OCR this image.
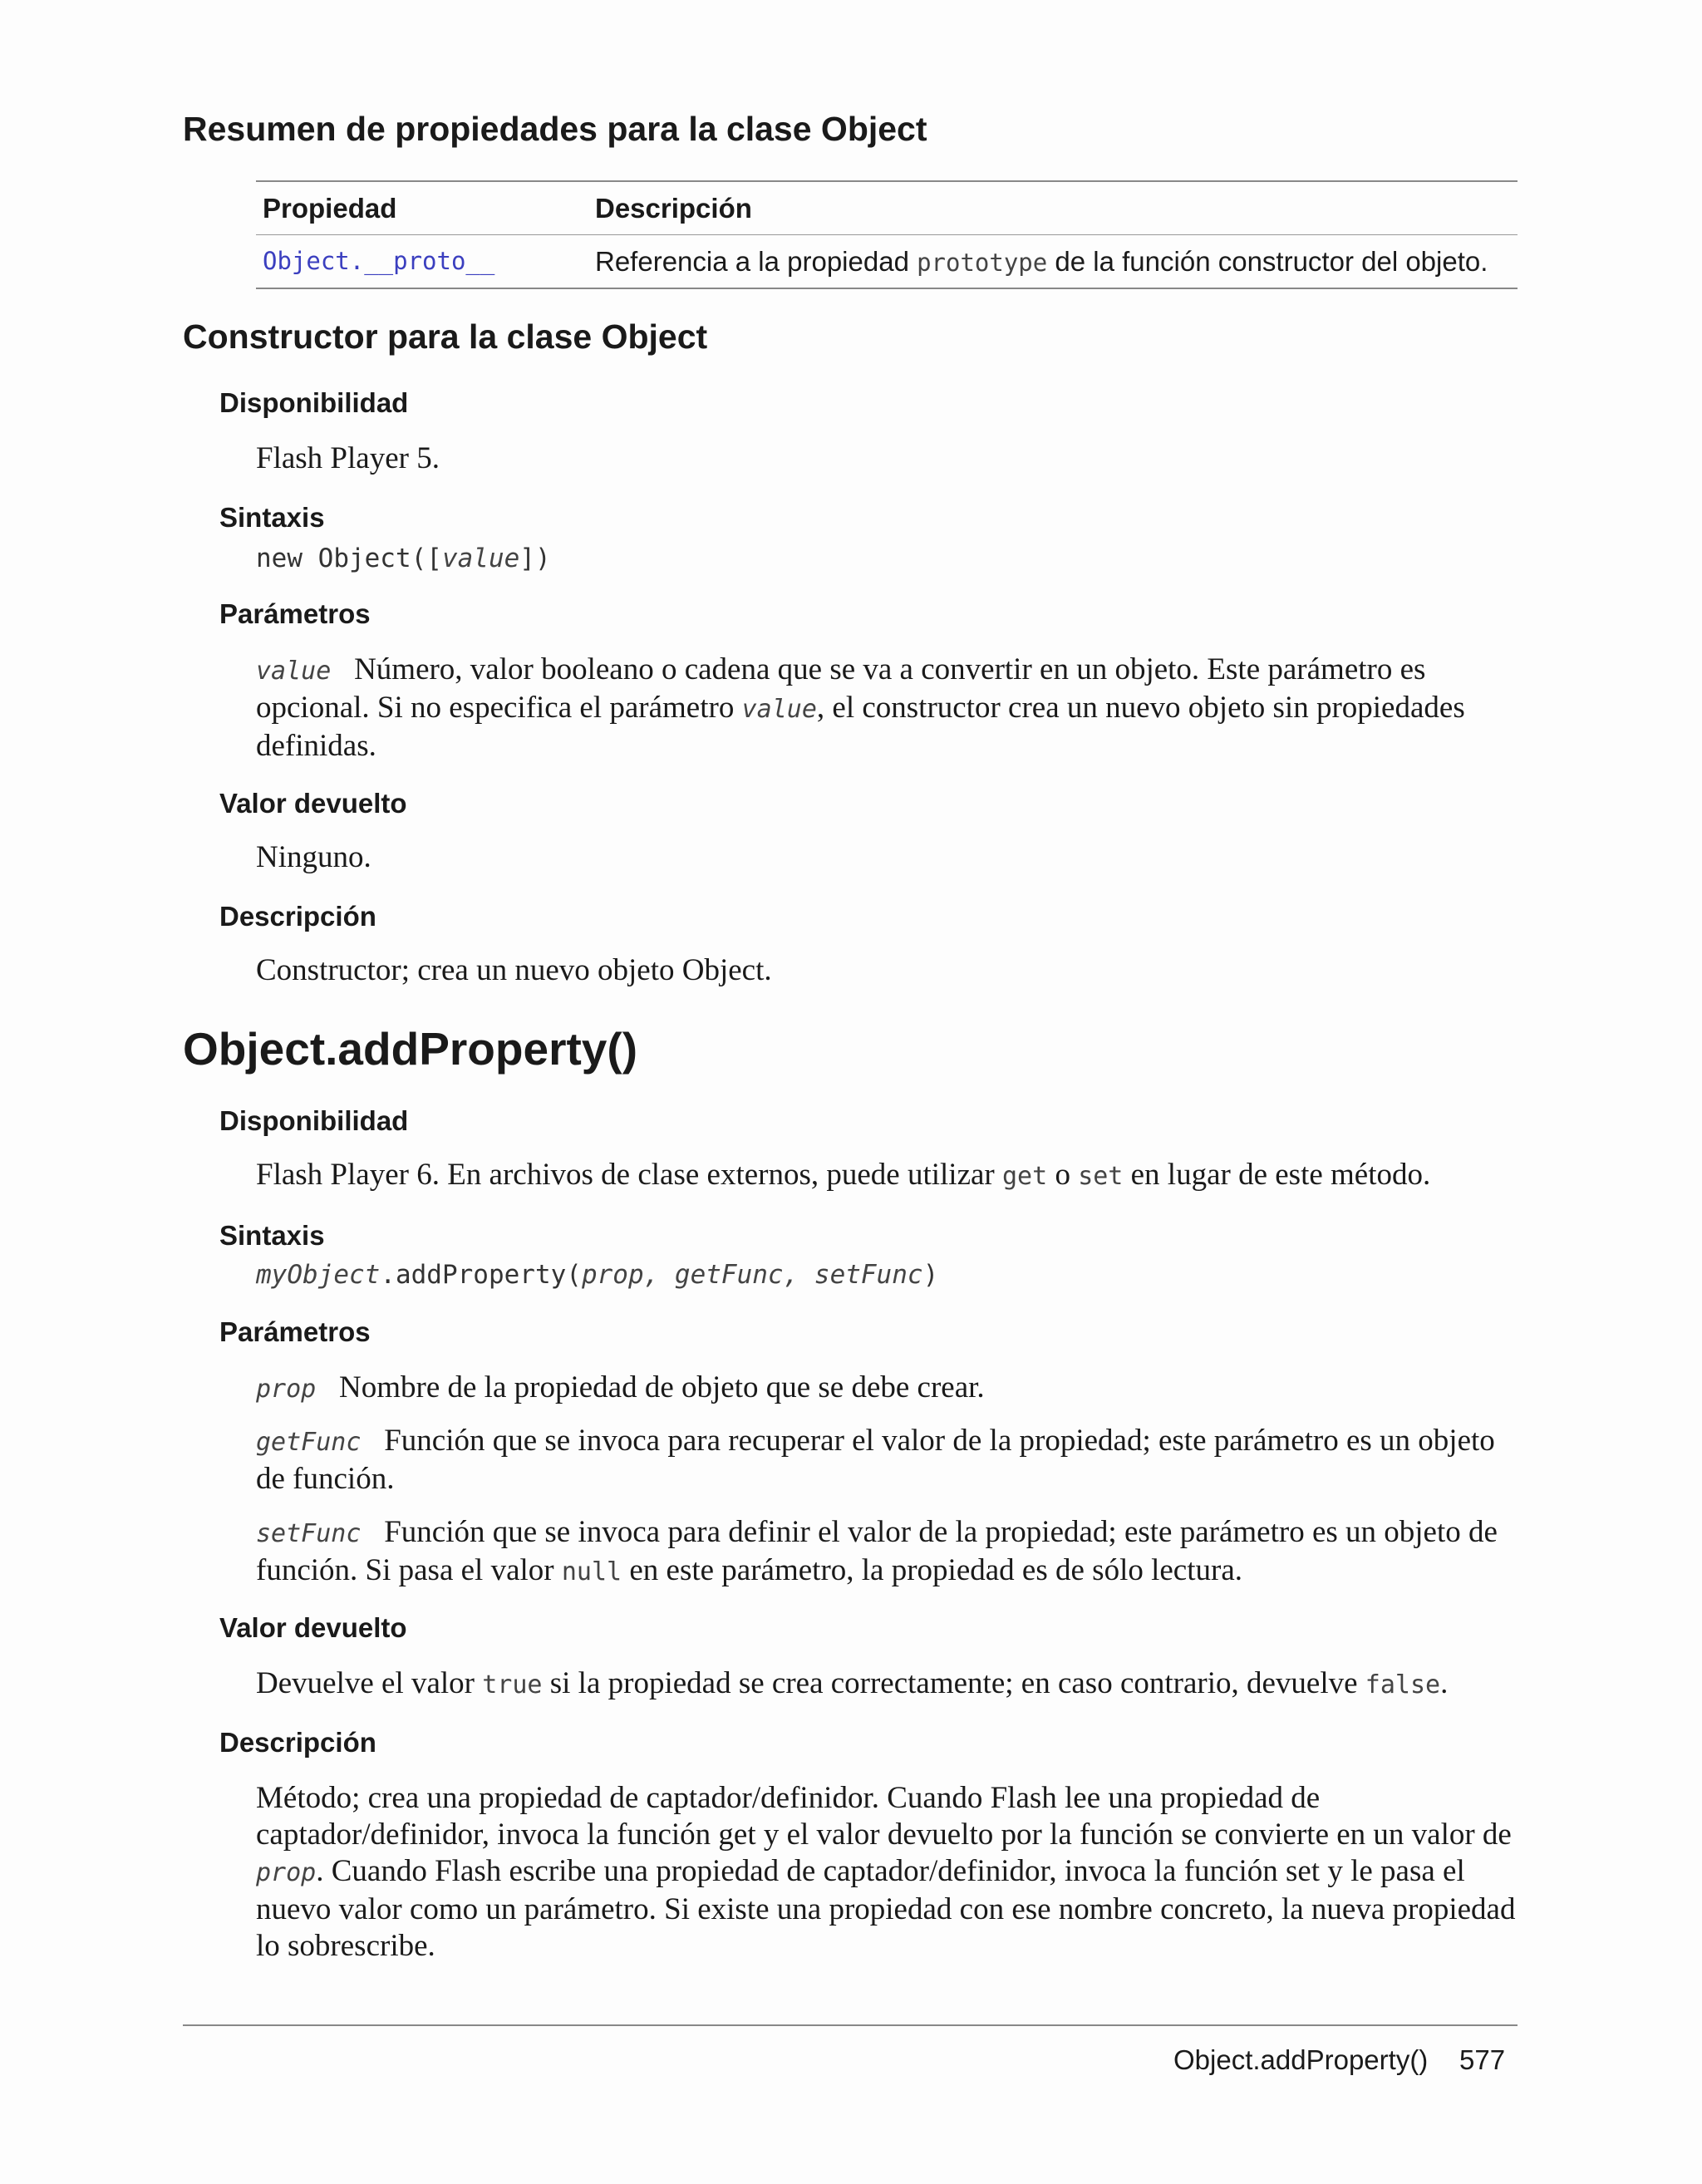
Resumen de propiedades para la clase Object
Propiedad	Descripción
Object.__proto__	Referencia a la propiedad prototype de la función constructor del objeto.
Constructor para la clase Object
Disponibilidad

Flash Player 5.

Sintaxis

new Object([value])

Parámetros

value Número, valor booleano o cadena que se va a convertir en un objeto. Este parámetro es opcional. Si no especifica el parámetro value, el constructor crea un nuevo objeto sin propiedades definidas.

Valor devuelto

Ninguno.

Descripción

Constructor; crea un nuevo objeto Object.

Object.addProperty()
Disponibilidad

Flash Player 6. En archivos de clase externos, puede utilizar get o set en lugar de este método.

Sintaxis

myObject.addProperty(prop, getFunc, setFunc)

Parámetros

prop Nombre de la propiedad de objeto que se debe crear.

getFunc Función que se invoca para recuperar el valor de la propiedad; este parámetro es un objeto de función.

setFunc Función que se invoca para definir el valor de la propiedad; este parámetro es un objeto de función. Si pasa el valor null en este parámetro, la propiedad es de sólo lectura.

Valor devuelto

Devuelve el valor true si la propiedad se crea correctamente; en caso contrario, devuelve false.

Descripción

Método; crea una propiedad de captador/definidor. Cuando Flash lee una propiedad de captador/definidor, invoca la función get y el valor devuelto por la función se convierte en un valor de prop. Cuando Flash escribe una propiedad de captador/definidor, invoca la función set y le pasa el nuevo valor como un parámetro. Si existe una propiedad con ese nombre concreto, la nueva propiedad lo sobrescribe.

Object.addProperty() 577
